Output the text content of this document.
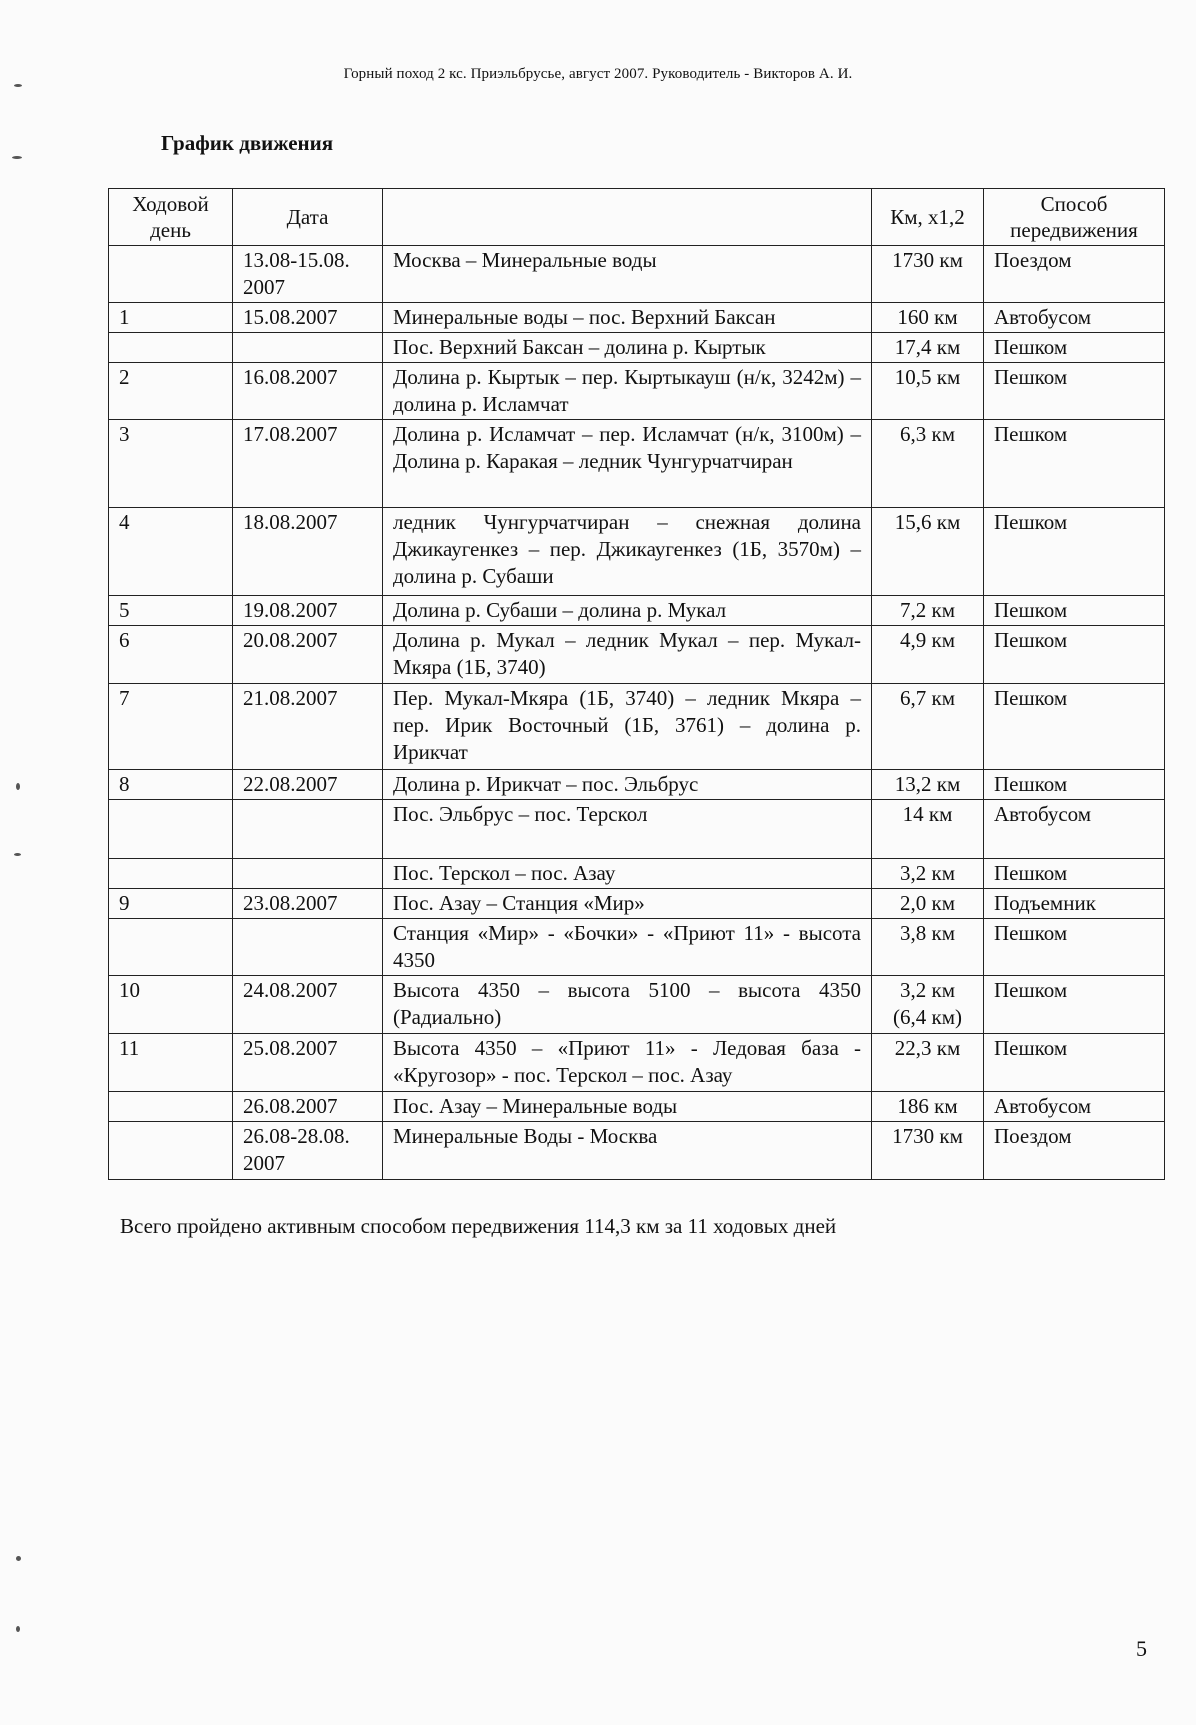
Горный поход 2 кс. Приэльбрусье, август 2007. Руководитель - Викторов А. И.
График движения
Ходовой день	Дата		Км, х1,2	Способ передвижения
	13.08-15.08. 2007	Москва – Минеральные воды	1730 км	Поездом
1	15.08.2007	Минеральные воды – пос. Верхний Баксан	160 км	Автобусом
		Пос. Верхний Баксан – долина р. Кыртык	17,4 км	Пешком
2	16.08.2007	Долина р. Кыртык – пер. Кыртыкауш (н/к, 3242м) – долина р. Исламчат	10,5 км	Пешком
3	17.08.2007	Долина р. Исламчат – пер. Исламчат (н/к, 3100м) – Долина р. Каракая – ледник Чунгурчатчиран	6,3 км	Пешком
4	18.08.2007	ледник Чунгурчатчиран – снежная долина Джикаугенкез – пер. Джикаугенкез (1Б, 3570м) – долина р. Субаши	15,6 км	Пешком
5	19.08.2007	Долина р. Субаши – долина р. Мукал	7,2 км	Пешком
6	20.08.2007	Долина р. Мукал – ледник Мукал – пер. Мукал-Мкяра (1Б, 3740)	4,9 км	Пешком
7	21.08.2007	Пер. Мукал-Мкяра (1Б, 3740) – ледник Мкяра – пер. Ирик Восточный (1Б, 3761) – долина р. Ирикчат	6,7 км	Пешком
8	22.08.2007	Долина р. Ирикчат – пос. Эльбрус	13,2 км	Пешком
		Пос. Эльбрус – пос. Терскол	14 км	Автобусом
		Пос. Терскол – пос. Азау	3,2 км	Пешком
9	23.08.2007	Пос. Азау – Станция «Мир»	2,0 км	Подъемник
		Станция «Мир» - «Бочки» - «Приют 11» - высота 4350	3,8 км	Пешком
10	24.08.2007	Высота 4350 – высота 5100 – высота 4350 (Радиально)	3,2 км (6,4 км)	Пешком
11	25.08.2007	Высота 4350 – «Приют 11» - Ледовая база - «Кругозор» - пос. Терскол – пос. Азау	22,3 км	Пешком
	26.08.2007	Пос. Азау – Минеральные воды	186 км	Автобусом
	26.08-28.08. 2007	Минеральные Воды - Москва	1730 км	Поездом
Всего пройдено активным способом передвижения 114,3 км за 11 ходовых дней
5
